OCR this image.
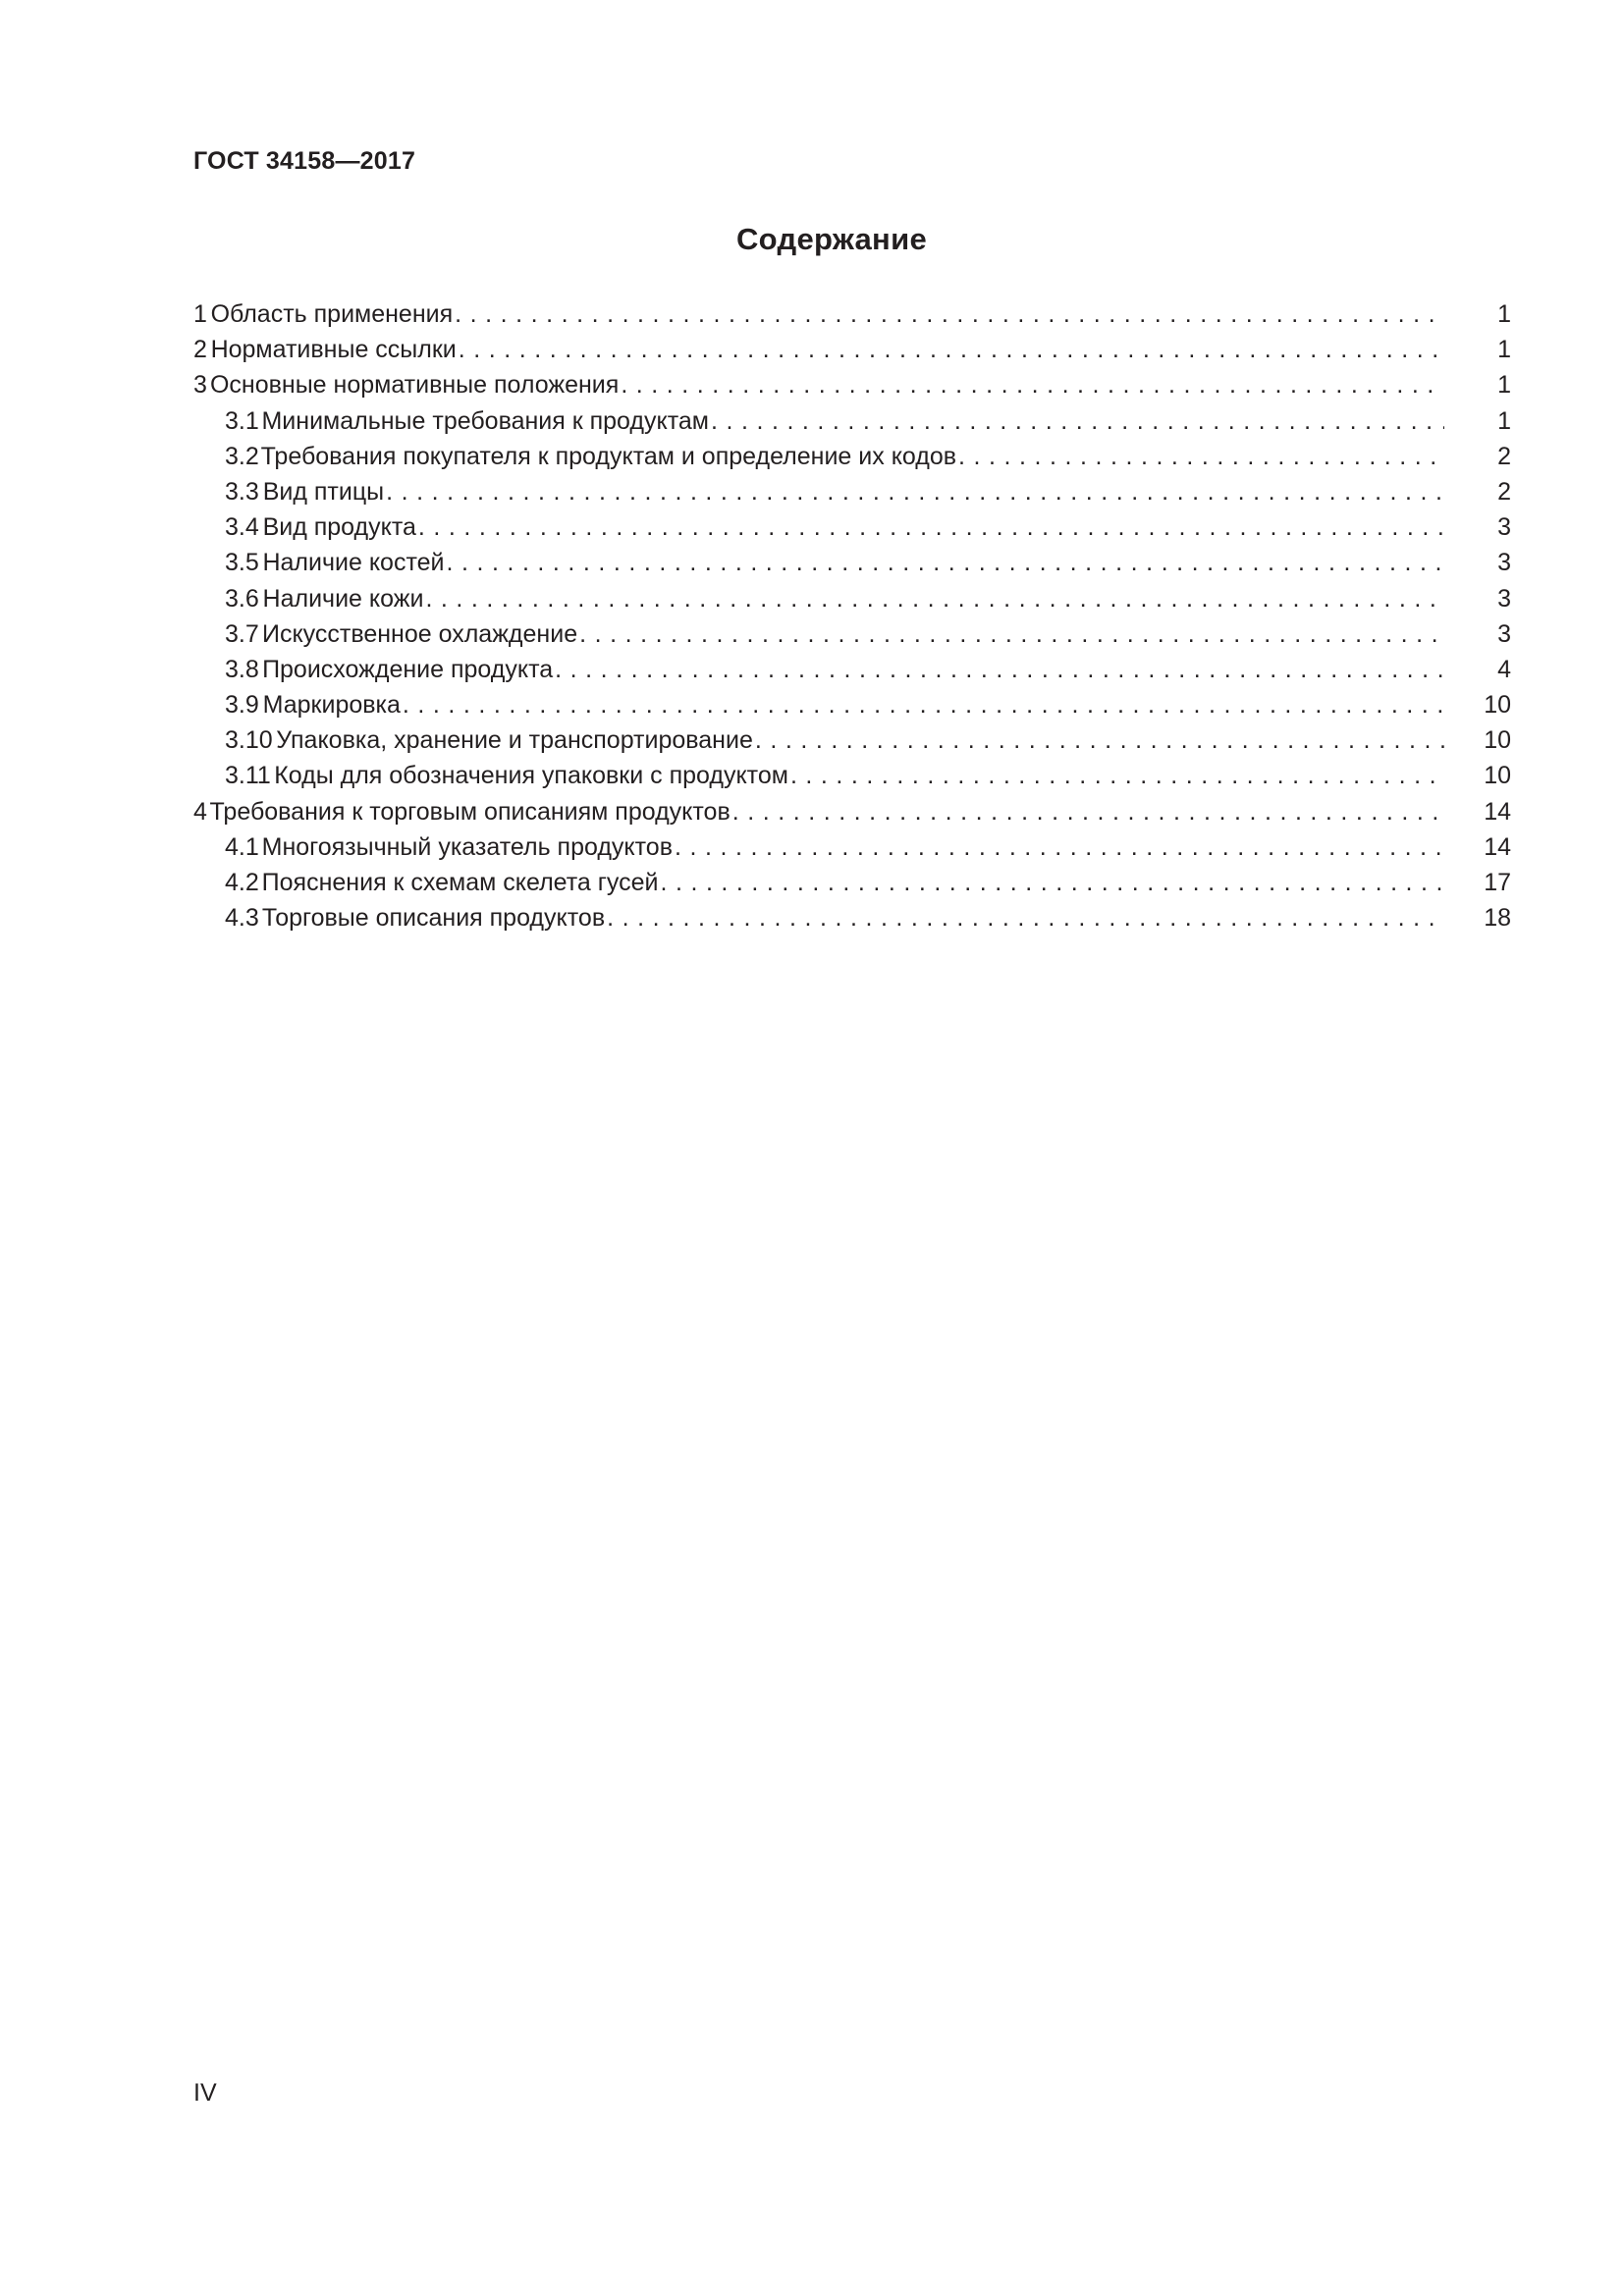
ГОСТ 34158—2017
Содержание
1 Область применения . . .	1
2 Нормативные ссылки . . .	1
3 Основные нормативные положения . . .	1
3.1 Минимальные требования к продуктам . . .	1
3.2 Требования покупателя к продуктам и определение их кодов . . .	2
3.3 Вид птицы . . .	2
3.4 Вид продукта . . .	3
3.5 Наличие костей . . .	3
3.6 Наличие кожи . . .	3
3.7 Искусственное охлаждение . . .	3
3.8 Происхождение продукта . . .	4
3.9 Маркировка . . .	10
3.10 Упаковка, хранение и транспортирование . . .	10
3.11 Коды для обозначения упаковки с продуктом . . .	10
4 Требования к торговым описаниям продуктов . . .	14
4.1 Многоязычный указатель продуктов . . .	14
4.2 Пояснения к схемам скелета гусей . . .	17
4.3 Торговые описания продуктов . . .	18
IV
